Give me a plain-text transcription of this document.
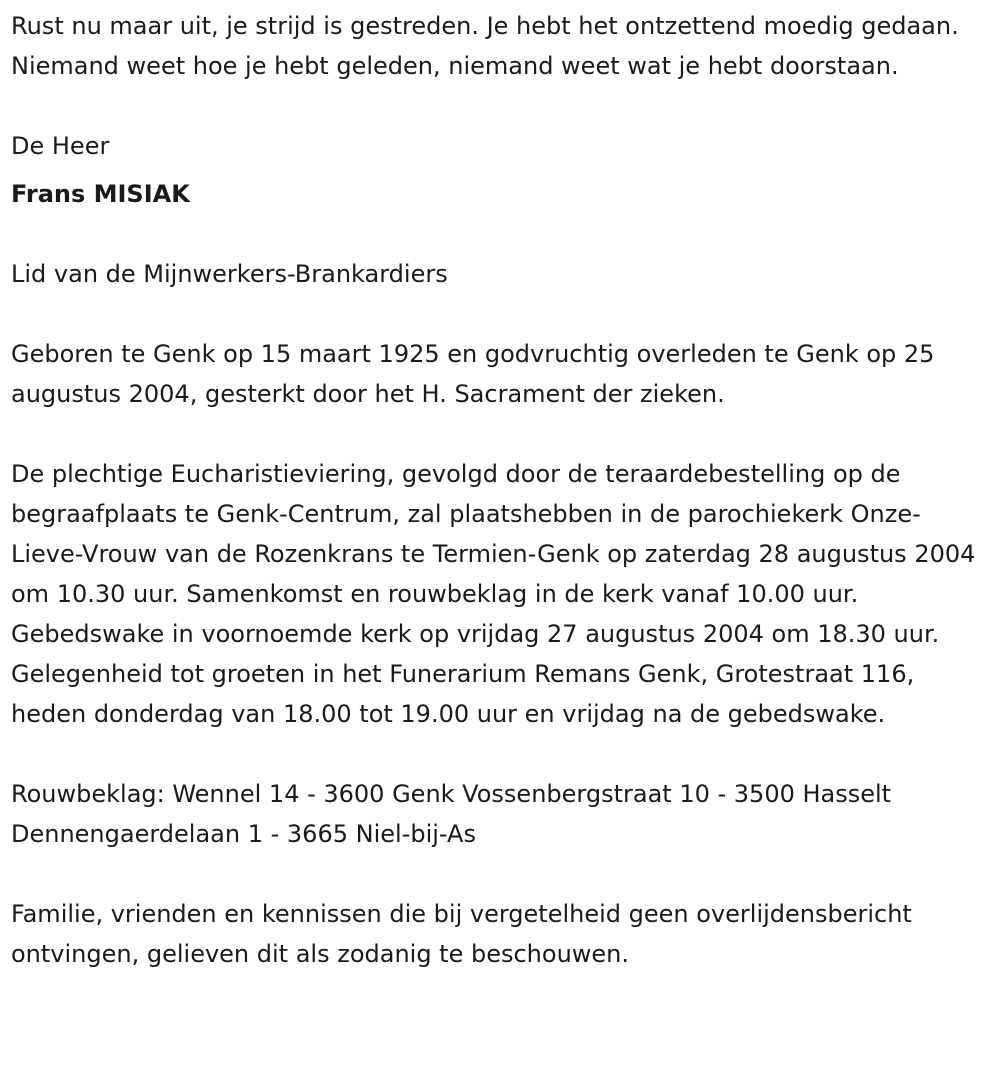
Rust nu maar uit, je strijd is gestreden. Je hebt het ontzettend moedig gedaan. Niemand weet hoe je hebt geleden, niemand weet wat je hebt doorstaan.

De Heer

Frans MISIAK

Lid van de Mijnwerkers-Brankardiers

Geboren te Genk op 15 maart 1925 en godvruchtig overleden te Genk op 25 augustus 2004, gesterkt door het H. Sacrament der zieken.

De plechtige Eucharistieviering, gevolgd door de teraardebestelling op de begraafplaats te Genk-Centrum, zal plaatshebben in de parochiekerk Onze-Lieve-Vrouw van de Rozenkrans te Termien-Genk op zaterdag 28 augustus 2004 om 10.30 uur. Samenkomst en rouwbeklag in de kerk vanaf 10.00 uur. Gebedswake in voornoemde kerk op vrijdag 27 augustus 2004 om 18.30 uur. Gelegenheid tot groeten in het Funerarium Remans Genk, Grotestraat 116, heden donderdag van 18.00 tot 19.00 uur en vrijdag na de gebedswake.

Rouwbeklag: Wennel 14 - 3600 Genk Vossenbergstraat 10 - 3500 Hasselt Dennengaerdelaan 1 - 3665 Niel-bij-As

Familie, vrienden en kennissen die bij vergetelheid geen overlijdensbericht ontvingen, gelieven dit als zodanig te beschouwen.
